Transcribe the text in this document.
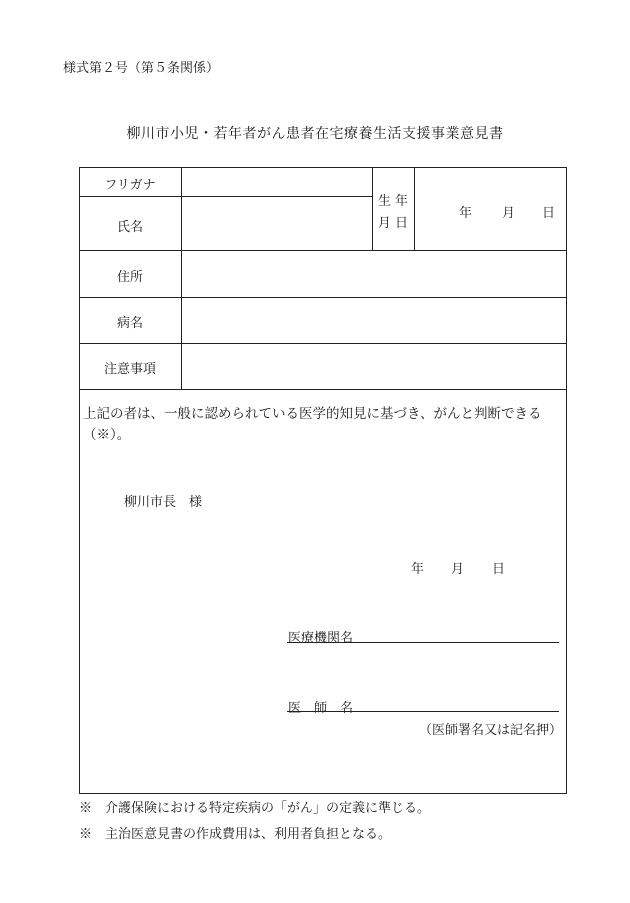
様式第２号（第５条関係）
柳川市小児・若年者がん患者在宅療養生活支援事業意見書
フリガナ
氏名
生 年
月 日
住所
病名
注意事項
年 月 日
上記の者は、一般に認められている医学的知見に基づき、がんと判断できる（※）。
柳川市長　様
年 月 日
医療機関名
医　師　名
（医師署名又は記名押）
※　介護保険における特定疾病の「がん」の定義に準じる。
※　主治医意見書の作成費用は、利用者負担となる。
